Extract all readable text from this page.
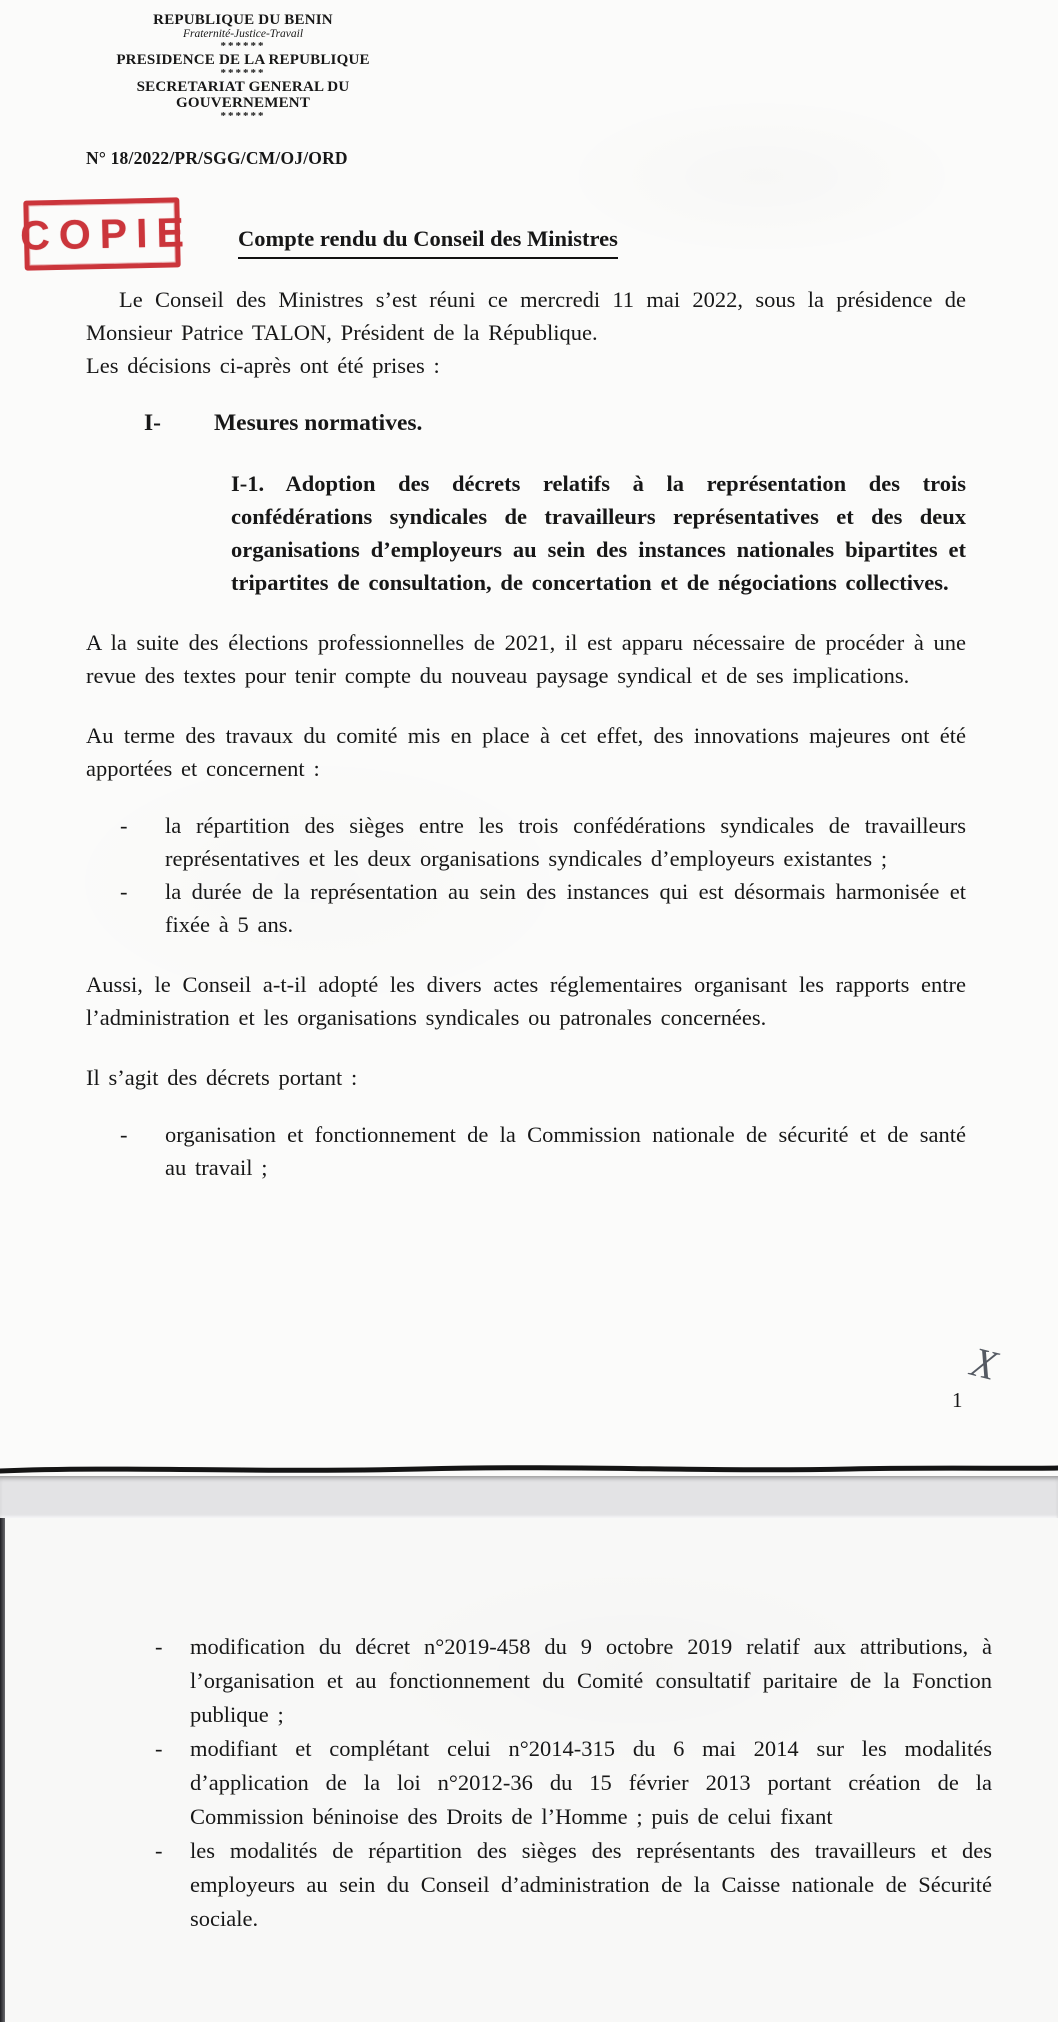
REPUBLIQUE DU BENIN
Fraternité-Justice-Travail
******
PRESIDENCE DE LA REPUBLIQUE
******
SECRETARIAT GENERAL DU
GOUVERNEMENT
******
N° 18/2022/PR/SGG/CM/OJ/ORD
COPIE Compte rendu du Conseil des Ministres

Le Conseil des Ministres s’est réuni ce mercredi 11 mai 2022, sous la présidence de Monsieur Patrice TALON, Président de la République.

Les décisions ci-après ont été prises :

I-	Mesures normatives.

I-1. Adoption des décrets relatifs à la représentation des trois confédérations syndicales de travailleurs représentatives et des deux organisations d’employeurs au sein des instances nationales bipartites et tripartites de consultation, de concertation et de négociations collectives.

A la suite des élections professionnelles de 2021, il est apparu nécessaire de procéder à une revue des textes pour tenir compte du nouveau paysage syndical et de ses implications.

Au terme des travaux du comité mis en place à cet effet, des innovations majeures ont été apportées et concernent :

- la répartition des sièges entre les trois confédérations syndicales de travailleurs représentatives et les deux organisations syndicales d’employeurs existantes ;
- la durée de la représentation au sein des instances qui est désormais harmonisée et fixée à 5 ans.

Aussi, le Conseil a-t-il adopté les divers actes réglementaires organisant les rapports entre l’administration et les organisations syndicales ou patronales concernées.

Il s’agit des décrets portant :

- organisation et fonctionnement de la Commission nationale de sécurité et de santé au travail ;
X
1
- modification du décret n°2019-458 du 9 octobre 2019 relatif aux attributions, à l’organisation et au fonctionnement du Comité consultatif paritaire de la Fonction publique ;
- modifiant et complétant celui n°2014-315 du 6 mai 2014 sur les modalités d’application de la loi n°2012-36 du 15 février 2013 portant création de la Commission béninoise des Droits de l’Homme ; puis de celui fixant
- les modalités de répartition des sièges des représentants des travailleurs et des employeurs au sein du Conseil d’administration de la Caisse nationale de Sécurité sociale.
